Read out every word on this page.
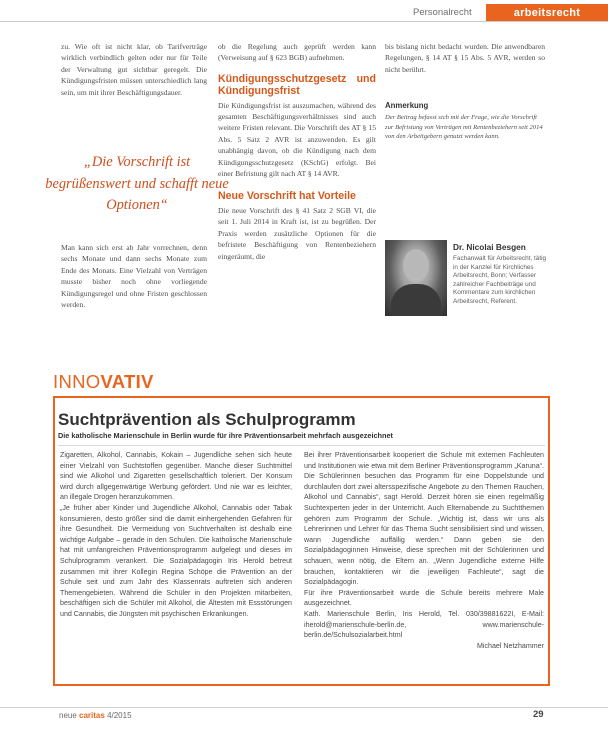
Personalrecht	arbeitsrecht

zu. Wie oft ist nicht klar, ob Tarifverträge wirklich verbindlich gelten oder nur für Teile der Verwaltung gut sichtbar geregelt. Die Kündigungsfristen müssen unterschiedlich lang sein, um mit ihrer Beschäftigungsdauer.

„Die Vorschrift ist begrüßenswert und schafft neue Optionen“

Man kann sich erst ab Jahr vorrechnen, denn sechs Monate und dann sechs Monate zum Ende des Monats. Eine Vielzahl von Verträgen musste bisher noch ohne vorliegende Kündigungsregel und ohne Fristen geschlossen werden.

ob die Regelung auch geprüft werden kann (Verweisung auf § 623 BGB) aufnehmen.

Kündigungsschutzgesetz und Kündigungsfrist

Die Kündigungsfrist ist auszumachen, während des gesamten Beschäftigungsverhältnisses sind auch weitere Fristen relevant. Die Vorschrift des AT § 15 Abs. 5 Satz 2 AVR ist anzuwenden. Es gilt unabhängig davon, ob die Kündigung nach dem Kündigungsschutzgesetz (KSchG) erfolgt. Bei einer Befristung gilt nach AT § 14 AVR.

Neue Vorschrift hat Vorteile

Die neue Vorschrift des § 41 Satz 2 SGB VI, die seit 1. Juli 2014 in Kraft ist, ist zu begrüßen. Der Praxis werden zusätzliche Optionen für die befristete Beschäftigung von Rentenbeziehern eingeräumt, die

bis bislang nicht bedacht wurden. Die anwendbaren Regelungen, § 14 AT § 15 Abs. 5 AVR, werden so nicht berührt.

Anmerkung
Der Beitrag befasst sich mit der Frage, wie die Vorschrift zur Befristung von Verträgen mit Rentenbeziehern seit 2014 von den Arbeitgebern genutzt werden kann.
Dr. Nicolai Besgen
Fachanwalt für Arbeitsrecht, tätig in der Kanzlei für Kirchliches Arbeitsrecht, Bonn; Verfasser zahlreicher Fachbeiträge und Kommentare zum kirchlichen Arbeitsrecht, Referent.
INNOVATIV
Suchtprävention als Schulprogramm
Die katholische Marienschule in Berlin wurde für ihre Präventionsarbeit mehrfach ausgezeichnet

Zigaretten, Alkohol, Cannabis, Kokain – Jugendliche sehen sich heute einer Vielzahl von Suchtstoffen gegenüber. Manche dieser Suchtmittel sind wie Alkohol und Zigaretten gesellschaftlich toleriert. Der Konsum wird durch allgegenwärtige Werbung gefördert. Und nie war es leichter, an illegale Drogen heranzukommen.

„Je früher aber Kinder und Jugendliche Alkohol, Cannabis oder Tabak konsumieren, desto größer sind die damit einhergehenden Gefahren für ihre Gesundheit. Die Vermeidung von Suchtverhalten ist deshalb eine wichtige Aufgabe – gerade in den Schulen. Die katholische Marienschule hat mit umfangreichen Präventionsprogramm aufgelegt und dieses im Schulprogramm verankert. Die Sozialpädagogin Iris Herold betreut zusammen mit ihrer Kollegin Regina Schöpe die Prävention an der Schule seit und zum Jahr des Klassenrats auftreten sich anderen Themengebieten. Während die Schüler in den Projekten mitarbeiten, beschäftigen sich die Schüler mit Alkohol, die Ältesten mit Essstörungen und Cannabis, die Jüngsten mit psychischen Erkrankungen.

Bei ihrer Präventionsarbeit kooperiert die Schule mit externen Fachleuten und Institutionen wie etwa mit dem Berliner Präventionsprogramm „Karuna“. Die Schülerinnen besuchen das Programm für eine Doppelstunde und durchlaufen dort zwei altersspezifische Angebote zu den Themen Rauchen, Alkohol und Cannabis“, sagt Herold. Derzeit hören sie einen regelmäßig Suchtexperten jeder in der Unterricht. Auch Elternabende zu Suchtthemen gehören zum Programm der Schule. „Wichtig ist, dass wir uns als Lehrerinnen und Lehrer für das Thema Sucht sensibilisiert sind und wissen, wann Jugendliche auffällig werden.“ Dann geben sie den Sozialpädagoginnen Hinweise, diese sprechen mit der Schülerinnen und schauen, wenn nötig, die Eltern an. „Wenn Jugendliche externe Hilfe brauchen, kontaktieren wir die jeweiligen Fachleute“, sagt die Sozialpädagogin.

Für ihre Präventionsarbeit wurde die Schule bereits mehrere Male ausgezeichnet.

Kath. Marienschule Berlin, Iris Herold, Tel. 030/39881622I, E-Mail: iherold@marienschule-berlin.de, www.marienschule-berlin.de/Schulsozialarbeit.html

Michael Netzhammer

neue caritas 4/2015	29
